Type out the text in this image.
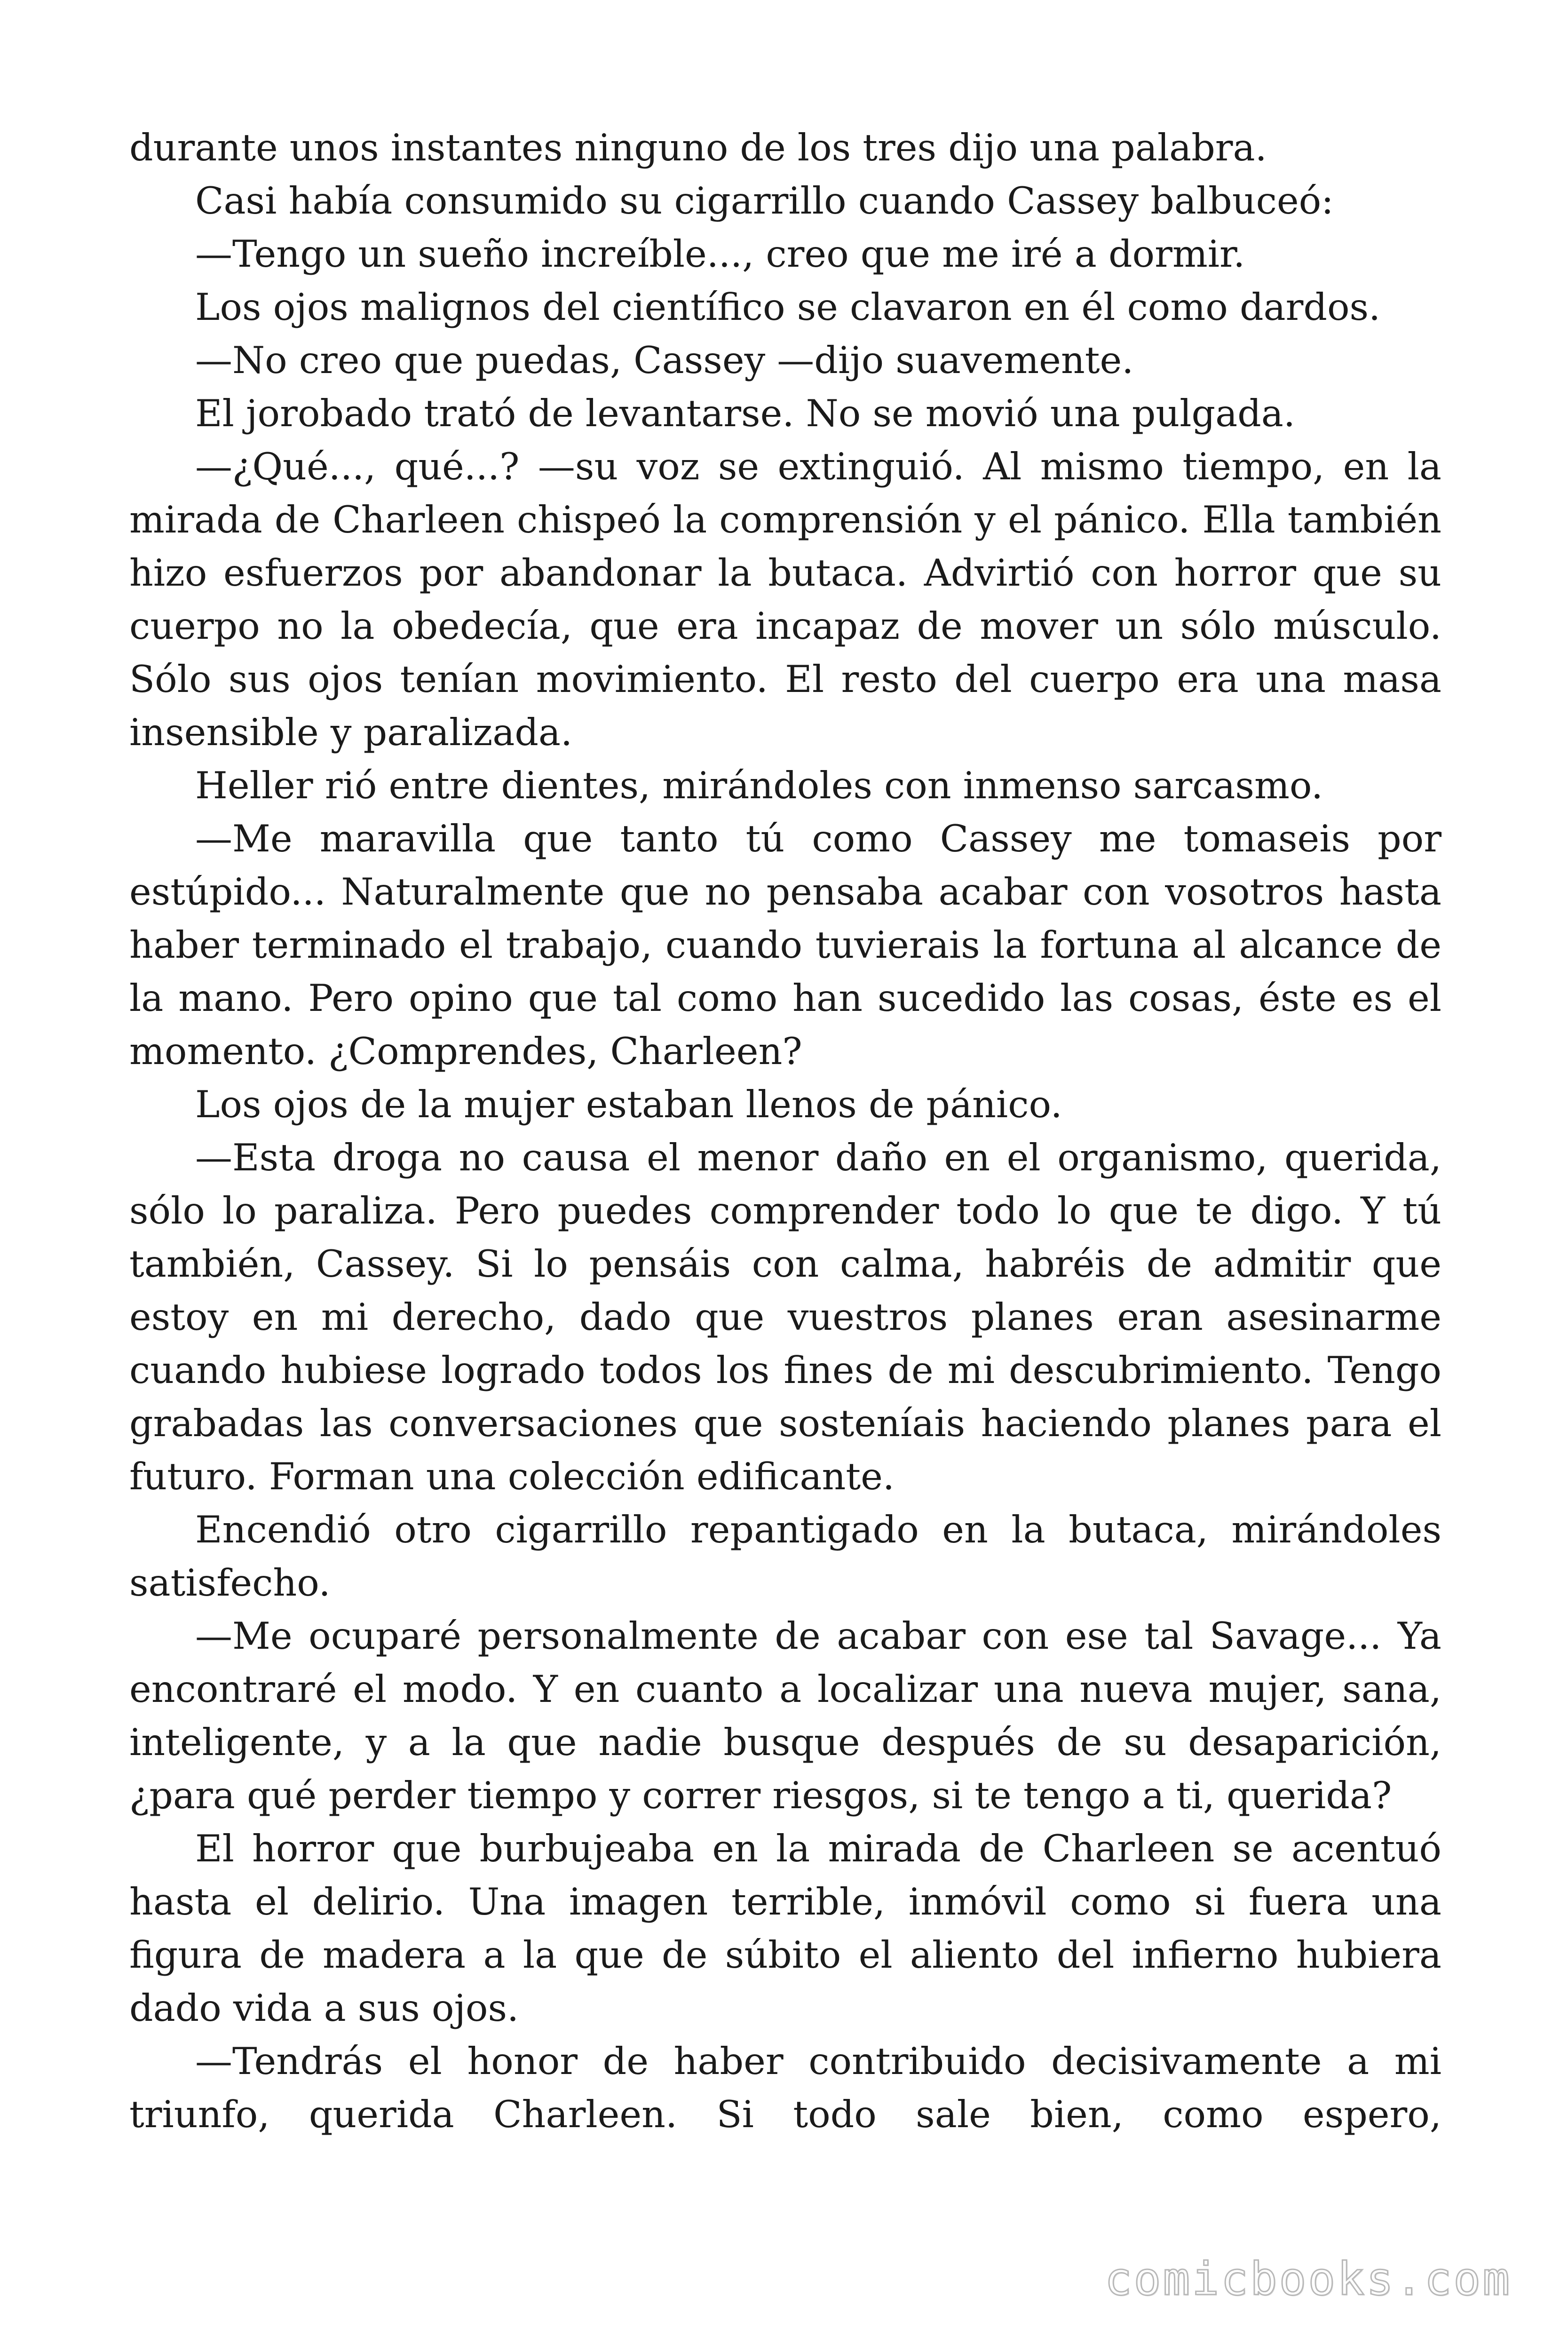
durante unos instantes ninguno de los tres dijo una palabra.

Casi había consumido su cigarrillo cuando Cassey balbuceó:

—Tengo un sueño increíble..., creo que me iré a dormir.

Los ojos malignos del científico se clavaron en él como dardos.

—No creo que puedas, Cassey —dijo suavemente.

El jorobado trató de levantarse. No se movió una pulgada.

—¿Qué..., qué...? —su voz se extinguió. Al mismo tiempo, en la mirada de Charleen chispeó la comprensión y el pánico. Ella también hizo esfuerzos por abandonar la butaca. Advirtió con horror que su cuerpo no la obedecía, que era incapaz de mover un sólo músculo. Sólo sus ojos tenían movimiento. El resto del cuerpo era una masa insensible y paralizada.

Heller rió entre dientes, mirándoles con inmenso sarcasmo.

—Me maravilla que tanto tú como Cassey me tomaseis por estúpido... Naturalmente que no pensaba acabar con vosotros hasta haber terminado el trabajo, cuando tuvierais la fortuna al alcance de la mano. Pero opino que tal como han sucedido las cosas, éste es el momento. ¿Comprendes, Charleen?

Los ojos de la mujer estaban llenos de pánico.

—Esta droga no causa el menor daño en el organismo, querida, sólo lo paraliza. Pero puedes comprender todo lo que te digo. Y tú también, Cassey. Si lo pensáis con calma, habréis de admitir que estoy en mi derecho, dado que vuestros planes eran asesinarme cuando hubiese logrado todos los fines de mi descubrimiento. Tengo grabadas las conversaciones que sosteníais haciendo planes para el futuro. Forman una colección edificante.

Encendió otro cigarrillo repantigado en la butaca, mirándoles satisfecho.

—Me ocuparé personalmente de acabar con ese tal Savage... Ya encontraré el modo. Y en cuanto a localizar una nueva mujer, sana, inteligente, y a la que nadie busque después de su desaparición, ¿para qué perder tiempo y correr riesgos, si te tengo a ti, querida?

El horror que burbujeaba en la mirada de Charleen se acentuó hasta el delirio. Una imagen terrible, inmóvil como si fuera una figura de madera a la que de súbito el aliento del infierno hubiera dado vida a sus ojos.

—Tendrás el honor de haber contribuido decisivamente a mi triunfo, querida Charleen. Si todo sale bien, como espero,

comicbooks.com
